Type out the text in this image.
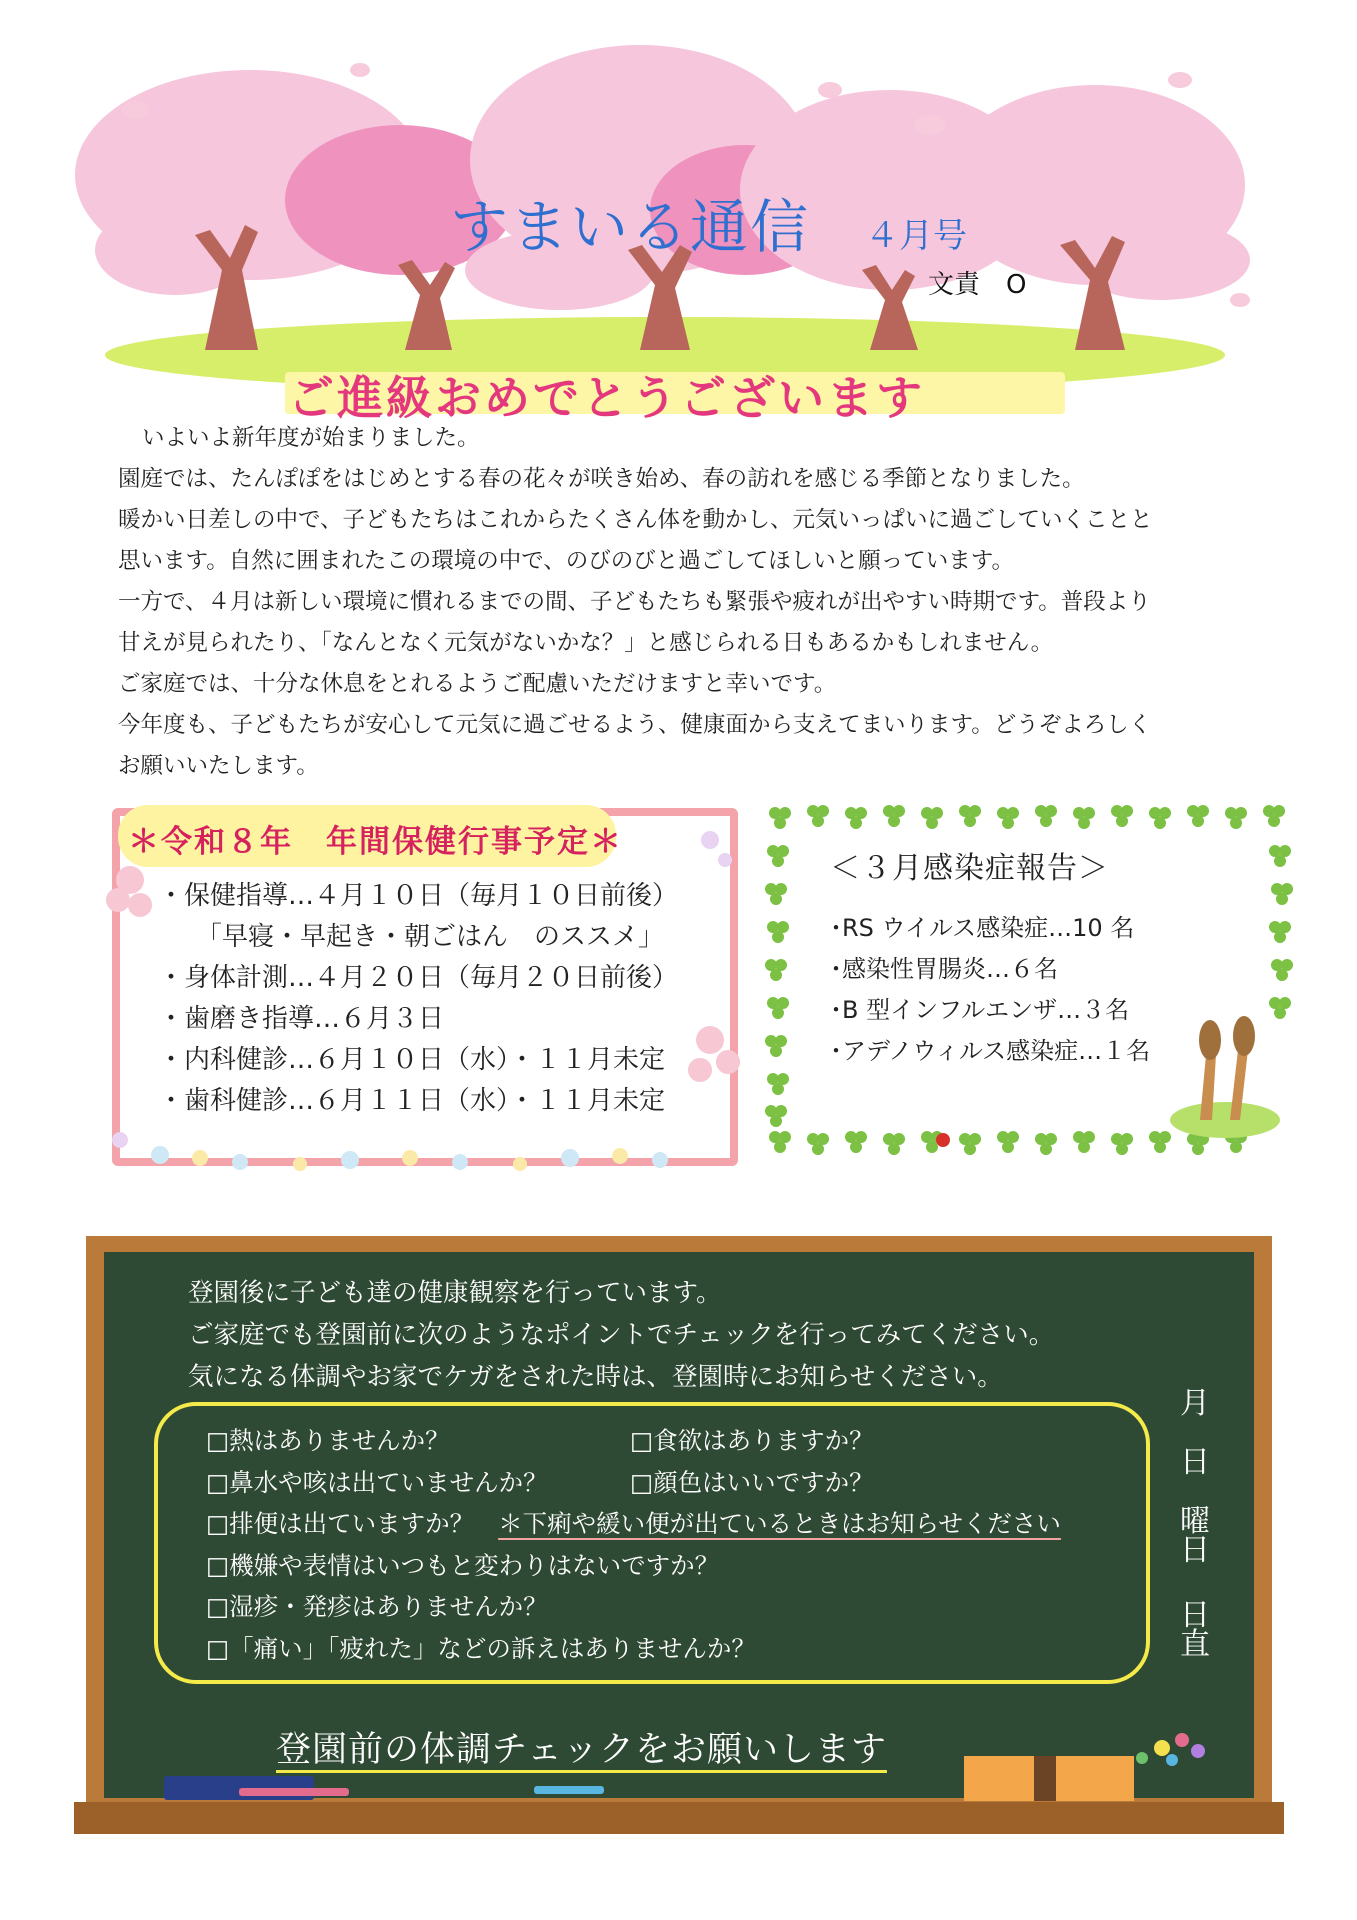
すまいる通信 ４月号
文責　O
ご進級おめでとうございます

いよいよ新年度が始まりました。

園庭では、たんぽぽをはじめとする春の花々が咲き始め、春の訪れを感じる季節となりました。

暖かい日差しの中で、子どもたちはこれからたくさん体を動かし、元気いっぱいに過ごしていくことと

思います。自然に囲まれたこの環境の中で、のびのびと過ごしてほしいと願っています。

一方で、４月は新しい環境に慣れるまでの間、子どもたちも緊張や疲れが出やすい時期です。普段より

甘えが見られたり、「なんとなく元気がないかな？」と感じられる日もあるかもしれません。

ご家庭では、十分な休息をとれるようご配慮いただけますと幸いです。

今年度も、子どもたちが安心して元気に過ごせるよう、健康面から支えてまいります。どうぞよろしく

お願いいたします。

＊令和８年　年間保健行事予定＊
・保健指導…４月１０日（毎月１０日前後）
「早寝・早起き・朝ごはん　のススメ」
・身体計測…４月２０日（毎月２０日前後）
・歯磨き指導…６月３日
・内科健診…６月１０日（水）・１１月未定
・歯科健診…６月１１日（水）・１１月未定
＜３月感染症報告＞
･RS ウイルス感染症…10 名
･感染性胃腸炎…６名
･B 型インフルエンザ…３名
･アデノウィルス感染症…１名
登園後に子ども達の健康観察を行っています。
ご家庭でも登園前に次のようなポイントでチェックを行ってみてください。
気になる体調やお家でケガをされた時は、登園時にお知らせください。
□熱はありませんか？	□食欲はありますか？
□鼻水や咳は出ていませんか？	□顔色はいいですか？
□排便は出ていますか？ ＊下痢や緩い便が出ているときはお知らせください
□機嫌や表情はいつもと変わりはないですか？
□湿疹・発疹はありませんか？
□「痛い」「疲れた」などの訴えはありませんか？
月
日
曜
日
日
直
登園前の体調チェックをお願いします
